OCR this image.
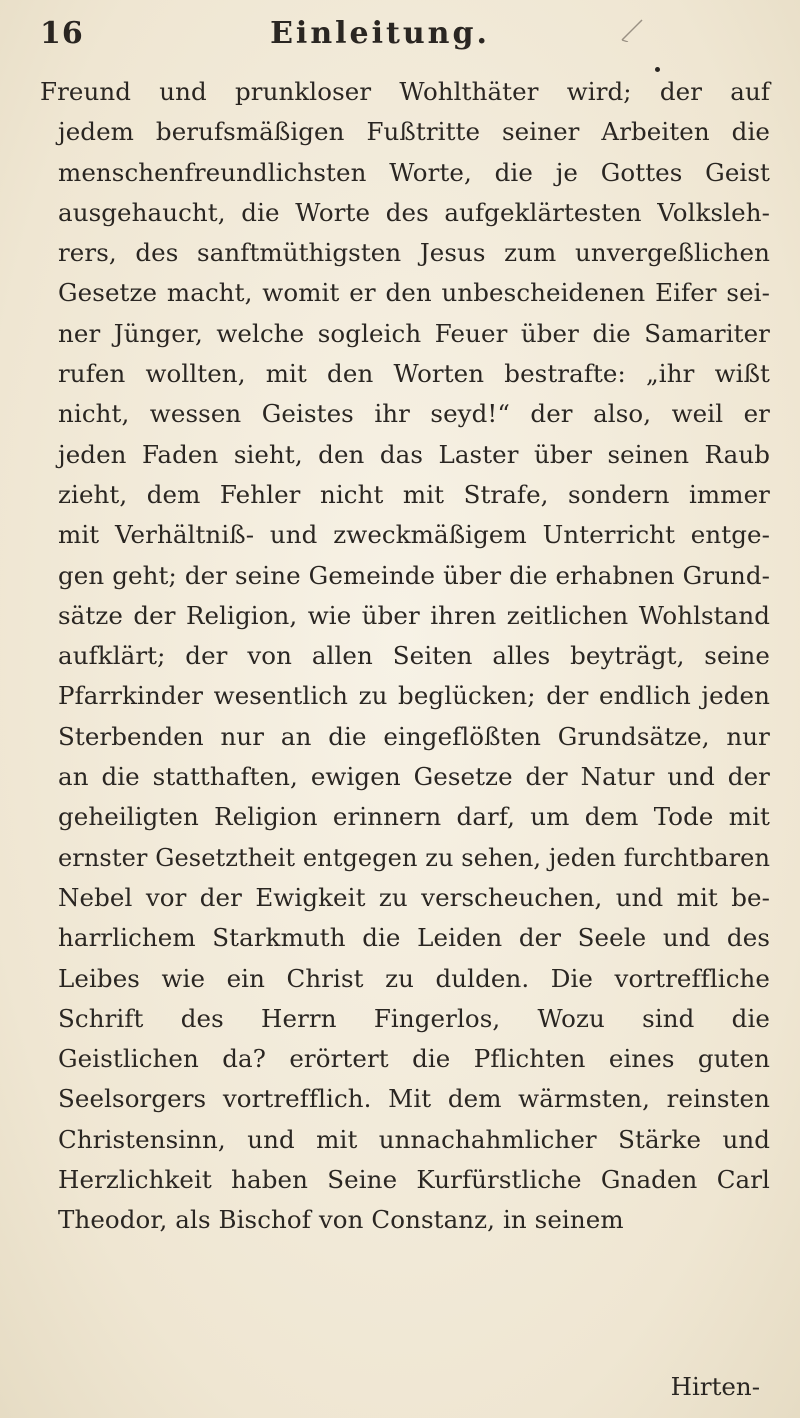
16	Einleitung.
Freund und prunkloser Wohlthäter wird; der auf
jedem berufsmäßigen Fußtritte seiner Arbeiten die
menschenfreundlichsten Worte, die je Gottes Geist
ausgehaucht, die Worte des aufgeklärtesten Volksleh-
rers, des sanftmüthigsten Jesus zum unvergeßlichen
Gesetze macht, womit er den unbescheidenen Eifer sei-
ner Jünger, welche sogleich Feuer über die Samariter
rufen wollten, mit den Worten bestrafte: „ihr wißt
nicht, wessen Geistes ihr seyd!“ der also, weil er
jeden Faden sieht, den das Laster über seinen Raub
zieht, dem Fehler nicht mit Strafe, sondern immer
mit Verhältniß- und zweckmäßigem Unterricht entge-
gen geht; der seine Gemeinde über die erhabnen Grund-
sätze der Religion, wie über ihren zeitlichen Wohlstand
aufklärt; der von allen Seiten alles beyträgt, seine
Pfarrkinder wesentlich zu beglücken; der endlich jeden
Sterbenden nur an die eingeflößten Grundsätze, nur
an die statthaften, ewigen Gesetze der Natur und der
geheiligten Religion erinnern darf, um dem Tode mit
ernster Gesetztheit entgegen zu sehen, jeden furchtbaren
Nebel vor der Ewigkeit zu verscheuchen, und mit be-
harrlichem Starkmuth die Leiden der Seele und des
Leibes wie ein Christ zu dulden. Die vortreffliche
Schrift des Herrn Fingerlos, Wozu sind die
Geistlichen da? erörtert die Pflichten eines guten
Seelsorgers vortrefflich. Mit dem wärmsten, reinsten
Christensinn, und mit unnachahmlicher Stärke und
Herzlichkeit haben Seine Kurfürstliche Gnaden Carl
Theodor, als Bischof von Constanz, in seinem
Hirten-
